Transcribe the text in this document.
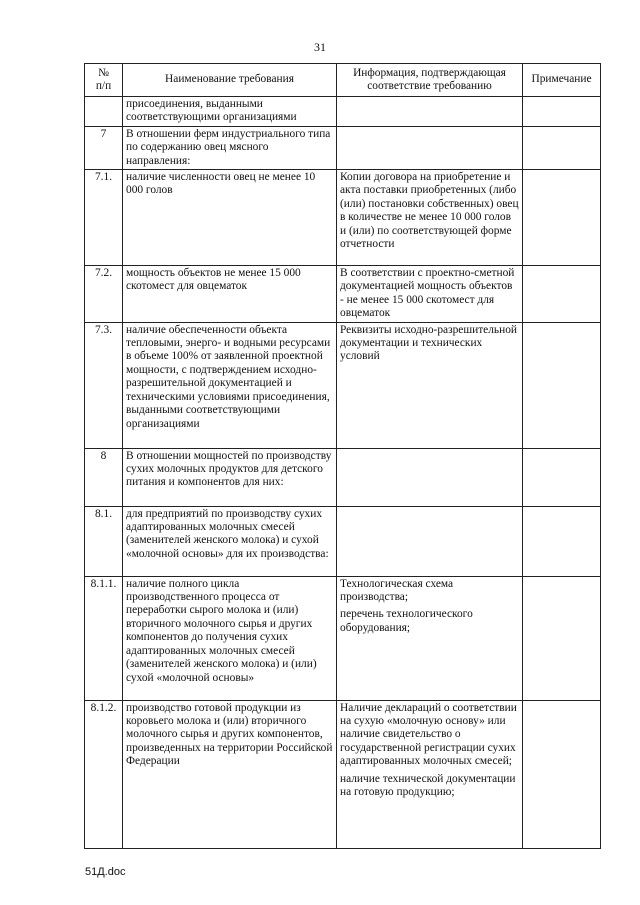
31
№
п/п	Наименование требования	Информация, подтверждающая соответствие требованию	Примечание
	присоединения, выданными соответствующими организациями		
7	В отношении ферм индустриального типа по содержанию овец мясного направления:		
7.1.	наличие численности овец не менее 10 000 голов	Копии договора на приобретение и акта поставки приобретенных (либо (или) постановки собственных) овец в количестве не менее 10 000 голов и (или) по соответствующей форме отчетности	

7.2.	мощность объектов не менее 15 000 скотомест для овцематок	В соответствии с проектно-сметной документацией мощность объектов - не менее 15 000 скотомест для овцематок	

7.3.	наличие обеспеченности объекта тепловыми, энерго- и водными ресурсами в объеме 100% от заявленной проектной мощности, с подтверждением исходно-разрешительной документацией и техническими условиями присоединения, выданными соответствующими организациями	Реквизиты исходно-разрешительной документации и технических условий	

8	В отношении мощностей по производству сухих молочных продуктов для детского питания и компонентов для них:		
8.1.	для предприятий по производству сухих адаптированных молочных смесей (заменителей женского молока) и сухой «молочной основы» для их производства:		
8.1.1.	наличие полного цикла производственного процесса от переработки сырого молока и (или) вторичного молочного сырья и других компонентов до получения сухих адаптированных молочных смесей (заменителей женского молока) и (или) сухой «молочной основы»	Технологическая схема производства;

перечень технологического оборудования;	

8.1.2.	производство готовой продукции из коровьего молока и (или) вторичного молочного сырья и других компонентов, произведенных на территории Российской Федерации	Наличие деклараций о соответствии на сухую «молочную основу» или наличие свидетельство о государственной регистрации сухих адаптированных молочных смесей;

наличие технической документации на готовую продукцию;	

51Д.doc
